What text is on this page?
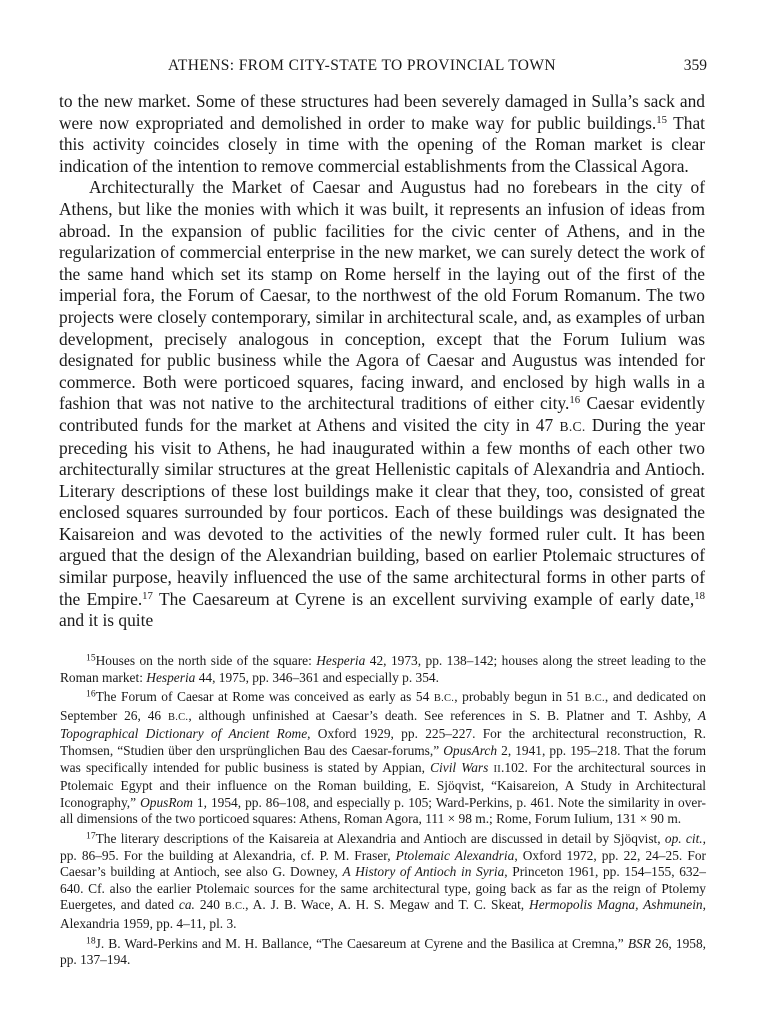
ATHENS: FROM CITY-STATE TO PROVINCIAL TOWN	359

to the new market. Some of these structures had been severely damaged in Sulla’s sack and were now expropriated and demolished in order to make way for public buildings.$^{15}$ That this activity coincides closely in time with the opening of the Roman market is clear indication of the intention to remove commercial establishments from the Classical Agora.

Architecturally the Market of Caesar and Augustus had no forebears in the city of Athens, but like the monies with which it was built, it represents an infusion of ideas from abroad. In the expansion of public facilities for the civic center of Athens, and in the regularization of commercial enterprise in the new market, we can surely detect the work of the same hand which set its stamp on Rome herself in the laying out of the first of the imperial fora, the Forum of Caesar, to the northwest of the old Forum Romanum. The two projects were closely contemporary, similar in architectural scale, and, as examples of urban development, precisely analogous in conception, except that the Forum Iulium was designated for public business while the Agora of Caesar and Augustus was intended for commerce. Both were porticoed squares, facing inward, and enclosed by high walls in a fashion that was not native to the architectural traditions of either city.$^{16}$ Caesar evidently contributed funds for the market at Athens and visited the city in 47 B.C. During the year preceding his visit to Athens, he had inaugurated within a few months of each other two architecturally similar structures at the great Hellenistic capitals of Alexandria and Antioch. Literary descriptions of these lost buildings make it clear that they, too, consisted of great enclosed squares surrounded by four porticos. Each of these buildings was designated the Kaisareion and was devoted to the activities of the newly formed ruler cult. It has been argued that the design of the Alexandrian building, based on earlier Ptolemaic structures of similar purpose, heavily influenced the use of the same architectural forms in other parts of the Empire.$^{17}$ The Caesareum at Cyrene is an excellent surviving example of early date,$^{18}$ and it is quite

$^{15}$Houses on the north side of the square: Hesperia 42, 1973, pp. 138–142; houses along the street leading to the Roman market: Hesperia 44, 1975, pp. 346–361 and especially p. 354.

$^{16}$The Forum of Caesar at Rome was conceived as early as 54 B.C., probably begun in 51 B.C., and dedicated on September 26, 46 B.C., although unfinished at Caesar’s death. See references in S. B. Platner and T. Ashby, A Topographical Dictionary of Ancient Rome, Oxford 1929, pp. 225–227. For the architectural reconstruction, R. Thomsen, “Studien über den ursprünglichen Bau des Caesar-forums,” OpusArch 2, 1941, pp. 195–218. That the forum was specifically intended for public business is stated by Appian, Civil Wars II.102. For the architectural sources in Ptolemaic Egypt and their influence on the Roman building, E. Sjöqvist, “Kaisareion, A Study in Architectural Iconography,” OpusRom 1, 1954, pp. 86–108, and especially p. 105; Ward-Perkins, p. 461. Note the similarity in over-all dimensions of the two porticoed squares: Athens, Roman Agora, 111 × 98 m.; Rome, Forum Iulium, 131 × 90 m.

$^{17}$The literary descriptions of the Kaisareia at Alexandria and Antioch are discussed in detail by Sjöqvist, op. cit., pp. 86–95. For the building at Alexandria, cf. P. M. Fraser, Ptolemaic Alexandria, Oxford 1972, pp. 22, 24–25. For Caesar’s building at Antioch, see also G. Downey, A History of Antioch in Syria, Princeton 1961, pp. 154–155, 632–640. Cf. also the earlier Ptolemaic sources for the same architectural type, going back as far as the reign of Ptolemy Euergetes, and dated ca. 240 B.C., A. J. B. Wace, A. H. S. Megaw and T. C. Skeat, Hermopolis Magna, Ashmunein, Alexandria 1959, pp. 4–11, pl. 3.

$^{18}$J. B. Ward-Perkins and M. H. Ballance, “The Caesareum at Cyrene and the Basilica at Cremna,” BSR 26, 1958, pp. 137–194.
